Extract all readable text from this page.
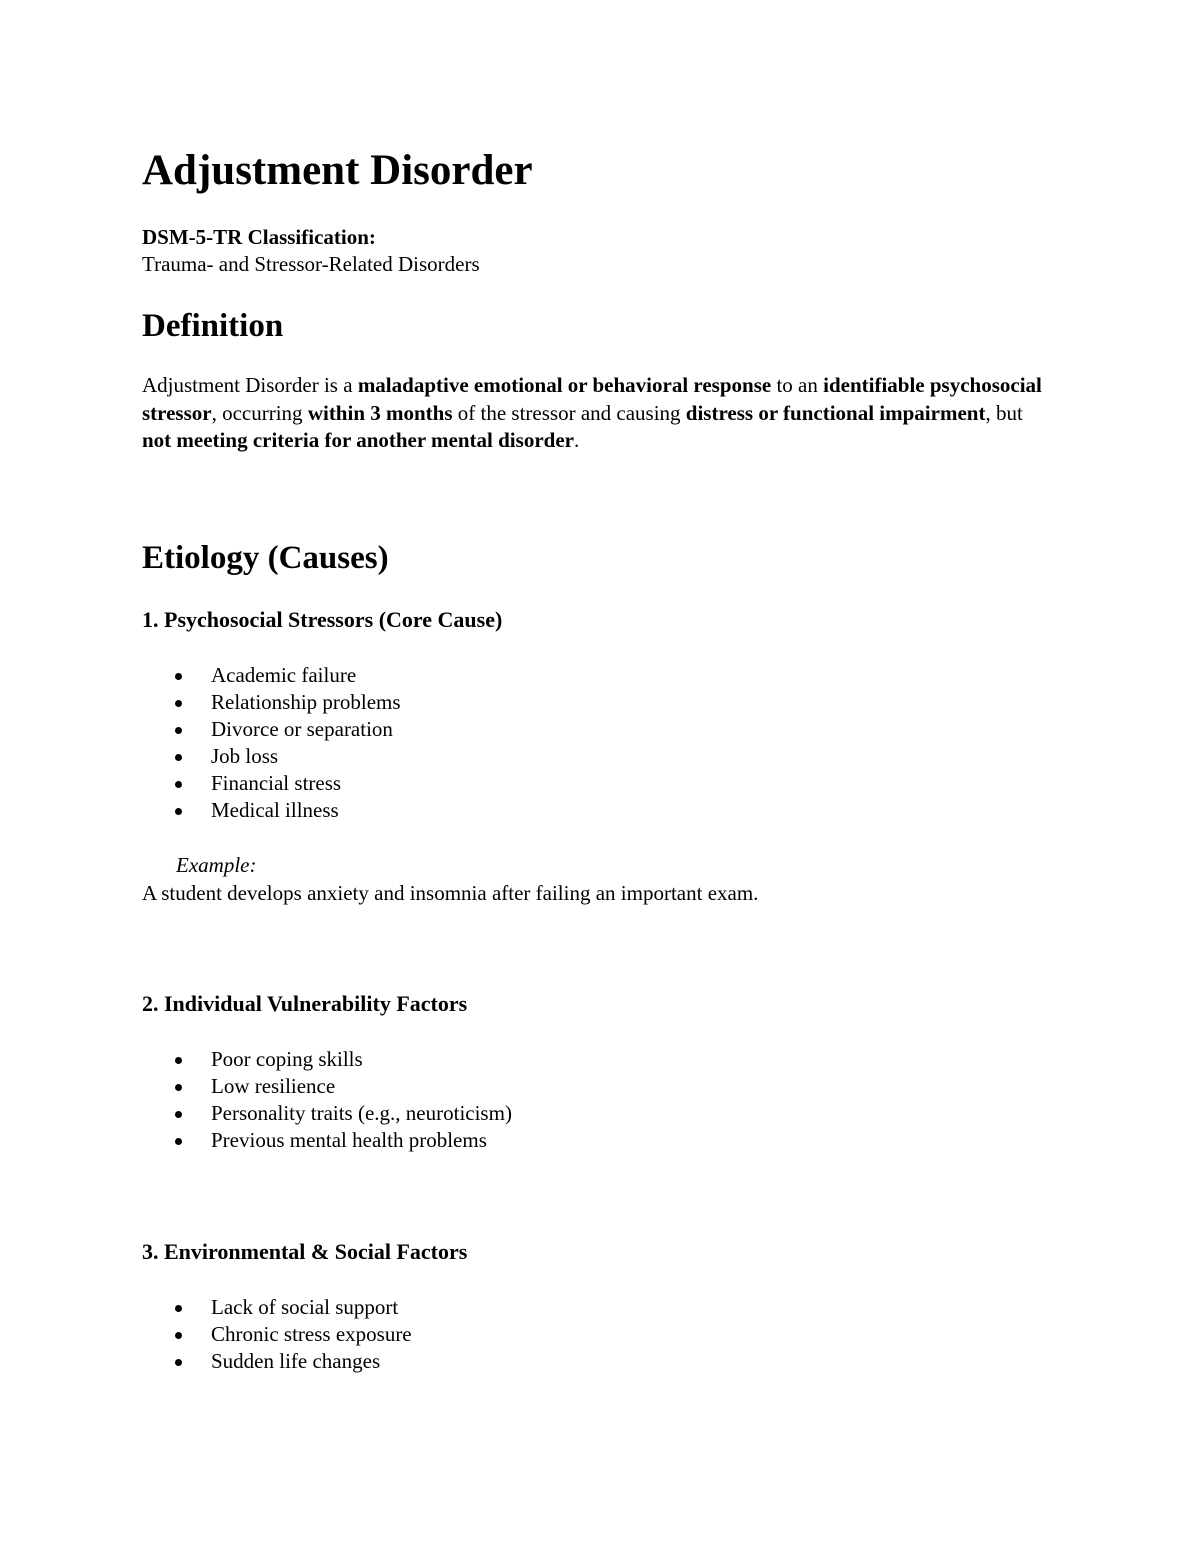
Adjustment Disorder
DSM-5-TR Classification:
Trauma- and Stressor-Related Disorders
Definition

Adjustment Disorder is a maladaptive emotional or behavioral response to an identifiable psychosocial stressor, occurring within 3 months of the stressor and causing distress or functional impairment, but not meeting criteria for another mental disorder.

Etiology (Causes)
1. Psychosocial Stressors (Core Cause)
Academic failure
Relationship problems
Divorce or separation
Job loss
Financial stress
Medical illness
Example:
A student develops anxiety and insomnia after failing an important exam.
2. Individual Vulnerability Factors
Poor coping skills
Low resilience
Personality traits (e.g., neuroticism)
Previous mental health problems
3. Environmental & Social Factors
Lack of social support
Chronic stress exposure
Sudden life changes
